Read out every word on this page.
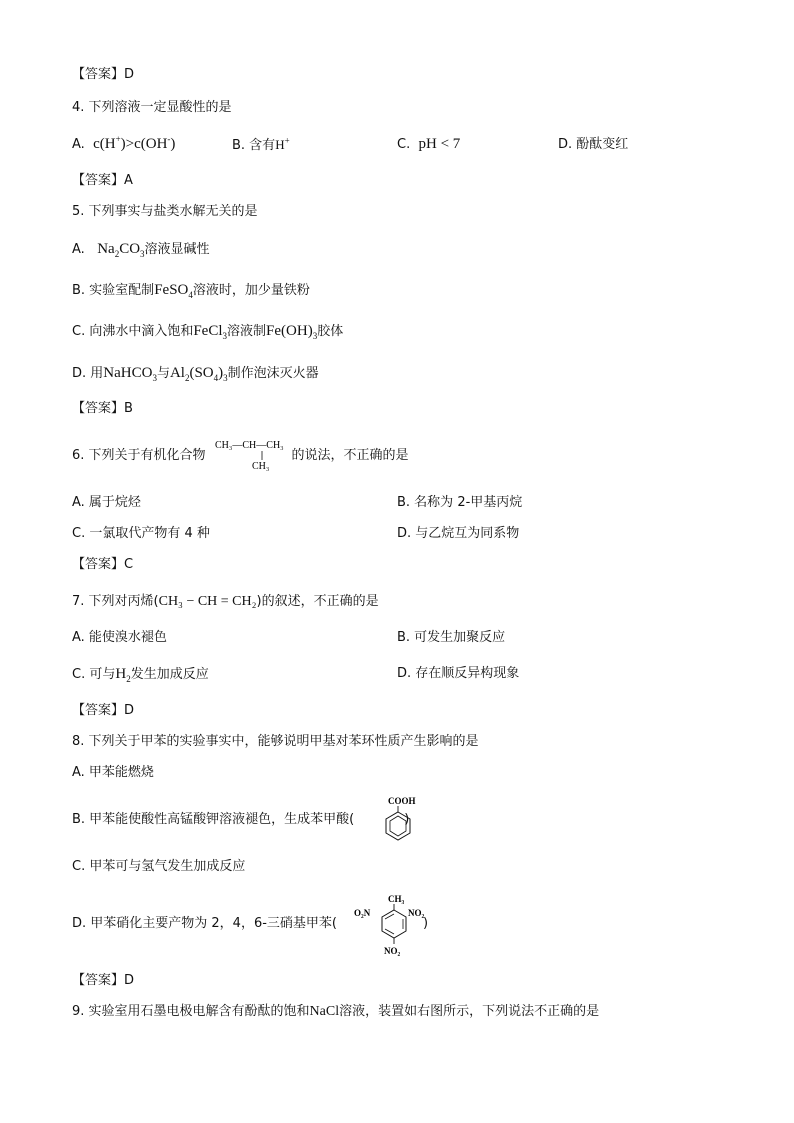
【答案】D
4. 下列溶液一定显酸性的是
A. c(H+)>c(OH-)	B. 含有H+	C. pH < 7	D. 酚酞变红
【答案】A
5. 下列事实与盐类水解无关的是
A. $Na_2CO_3$溶液显碱性
B. 实验室配制FeSO$_4$溶液时，加少量铁粉
C. 向沸水中滴入饱和FeCl$_3$溶液制$Fe(OH)_3$胶体
D. 用NaHCO$_3$与$Al_2(SO_4)_3$制作泡沫灭火器
【答案】B
6. 下列关于有机化合物	的说法，不正确的是
CH₃—CH—CH₃
CH₃
A. 属于烷烃	B. 名称为 2-甲基丙烷
C. 一氯取代产物有 4 种	D. 与乙烷互为同系物
【答案】C
7. 下列对丙烯(CH₃ − CH = CH₂)的叙述，不正确的是
A. 能使溴水褪色	B. 可发生加聚反应
C. 可与$H_2$发生加成反应	D. 存在顺反异构现象
【答案】D
8. 下列关于甲苯的实验事实中，能够说明甲基对苯环性质产生影响的是
A. 甲苯能燃烧
B. 甲苯能使酸性高锰酸钾溶液褪色，生成苯甲酸(	)
COOH
C. 甲苯可与氢气发生加成反应
D. 甲苯硝化主要产物为 2，4，6-三硝基甲苯(	)
CH₃
O₂N	NO₂
NO₂
【答案】D
9. 实验室用石墨电极电解含有酚酞的饱和NaCl溶液，装置如右图所示，下列说法不正确的是
